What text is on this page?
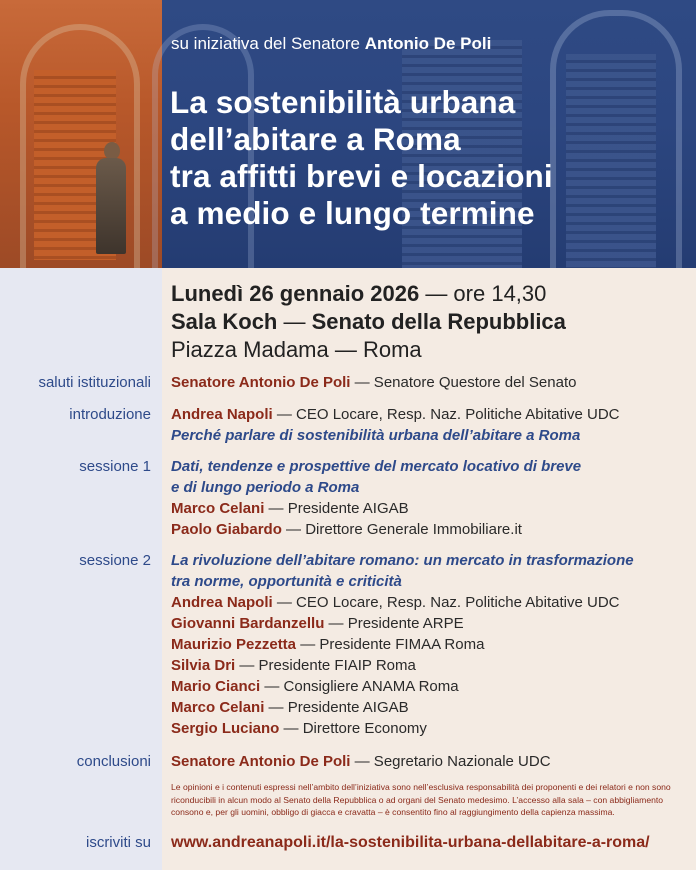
su iniziativa del Senatore Antonio De Poli
La sostenibilità urbana
dell’abitare a Roma
tra affitti brevi e locazioni
a medio e lungo termine
Lunedì 26 gennaio 2026 — ore 14,30
Sala Koch — Senato della Repubblica
Piazza Madama — Roma
saluti istituzionali Senatore Antonio De Poli — Senatore Questore del Senato
introduzione Andrea Napoli — CEO Locare, Resp. Naz. Politiche Abitative UDC
Perché parlare di sostenibilità urbana dell’abitare a Roma
sessione 1 Dati, tendenze e prospettive del mercato locativo di breve
e di lungo periodo a Roma
Marco Celani — Presidente AIGAB
Paolo Giabardo — Direttore Generale Immobiliare.it
sessione 2 La rivoluzione dell’abitare romano: un mercato in trasformazione
tra norme, opportunità e criticità
Andrea Napoli — CEO Locare, Resp. Naz. Politiche Abitative UDC
Giovanni Bardanzellu — Presidente ARPE
Maurizio Pezzetta — Presidente FIMAA Roma
Silvia Dri — Presidente FIAIP Roma
Mario Cianci — Consigliere ANAMA Roma
Marco Celani — Presidente AIGAB
Sergio Luciano — Direttore Economy
conclusioni Senatore Antonio De Poli — Segretario Nazionale UDC
Le opinioni e i contenuti espressi nell’ambito dell’iniziativa sono nell’esclusiva responsabilità dei proponenti e dei relatori e non sono
riconducibili in alcun modo al Senato della Repubblica o ad organi del Senato medesimo. L’accesso alla sala – con abbigliamento
consono e, per gli uomini, obbligo di giacca e cravatta – è consentito fino al raggiungimento della capienza massima.
iscriviti su www.andreanapoli.it/la-sostenibilita-urbana-dellabitare-a-roma/
